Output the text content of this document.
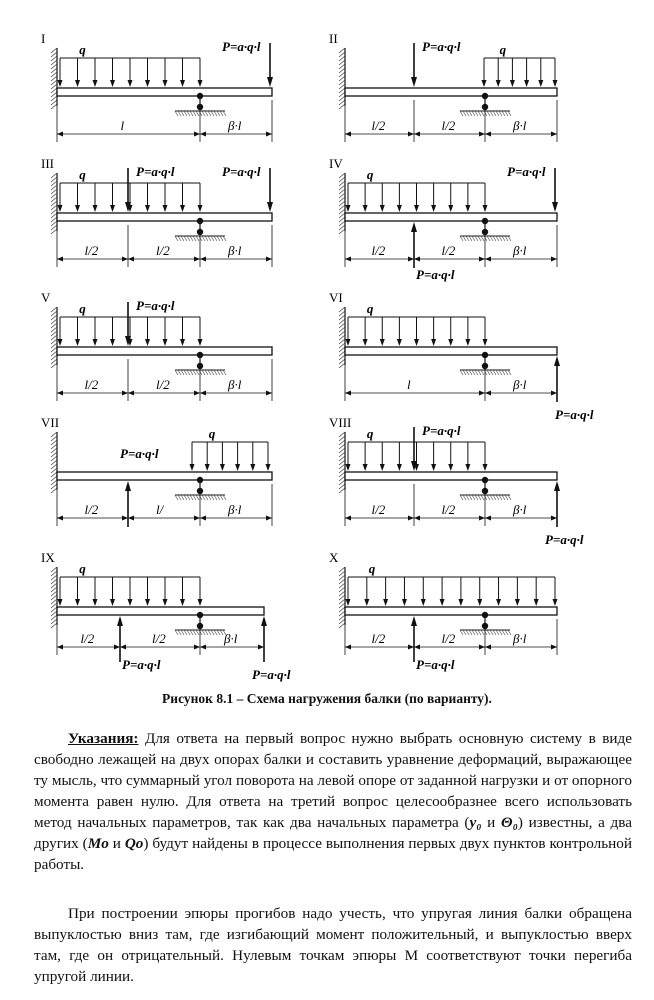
I
q	P=a·q·l
l	β·l
II
q
P=a·q·l
l/2	l/2	β·l
III
q	P=a·q·l	P=a·q·l
l/2	l/2	β·l
IV
q	P=a·q·l
P=a·q·l
l/2	l/2	β·l
V
q	P=a·q·l
l/2	l/2	β·l
VI
q
P=a·q·l
l	β·l
VII
q
P=a·q·l
l/2	l/	β·l
VIII
q	P=a·q·l
P=a·q·l
l/2	l/2	β·l
IX
q
P=a·q·l
P=a·q·l
l/2	l/2	β·l
X
q
P=a·q·l
l/2	l/2	β·l
Рисунок 8.1 – Схема нагружения балки (по варианту).

Указания: Для ответа на первый вопрос нужно выбрать основную систему в виде свободно лежащей на двух опорах балки и составить уравнение деформаций, выражающее ту мысль, что суммарный угол поворота на левой опоре от заданной нагрузки и от опорного момента равен нулю. Для ответа на третий вопрос целесообразнее всего использовать метод начальных параметров, так как два начальных параметра (y₀ и Θ₀) известны, а два других (Mo и Qo) будут найдены в процессе выполнения первых двух пунктов контрольной работы.

При построении эпюры прогибов надо учесть, что упругая линия балки обращена выпуклостью вниз там, где изгибающий момент положительный, и выпуклостью вверх там, где он отрицательный. Нулевым точкам эпюры М соответствуют точки перегиба упругой линии.
